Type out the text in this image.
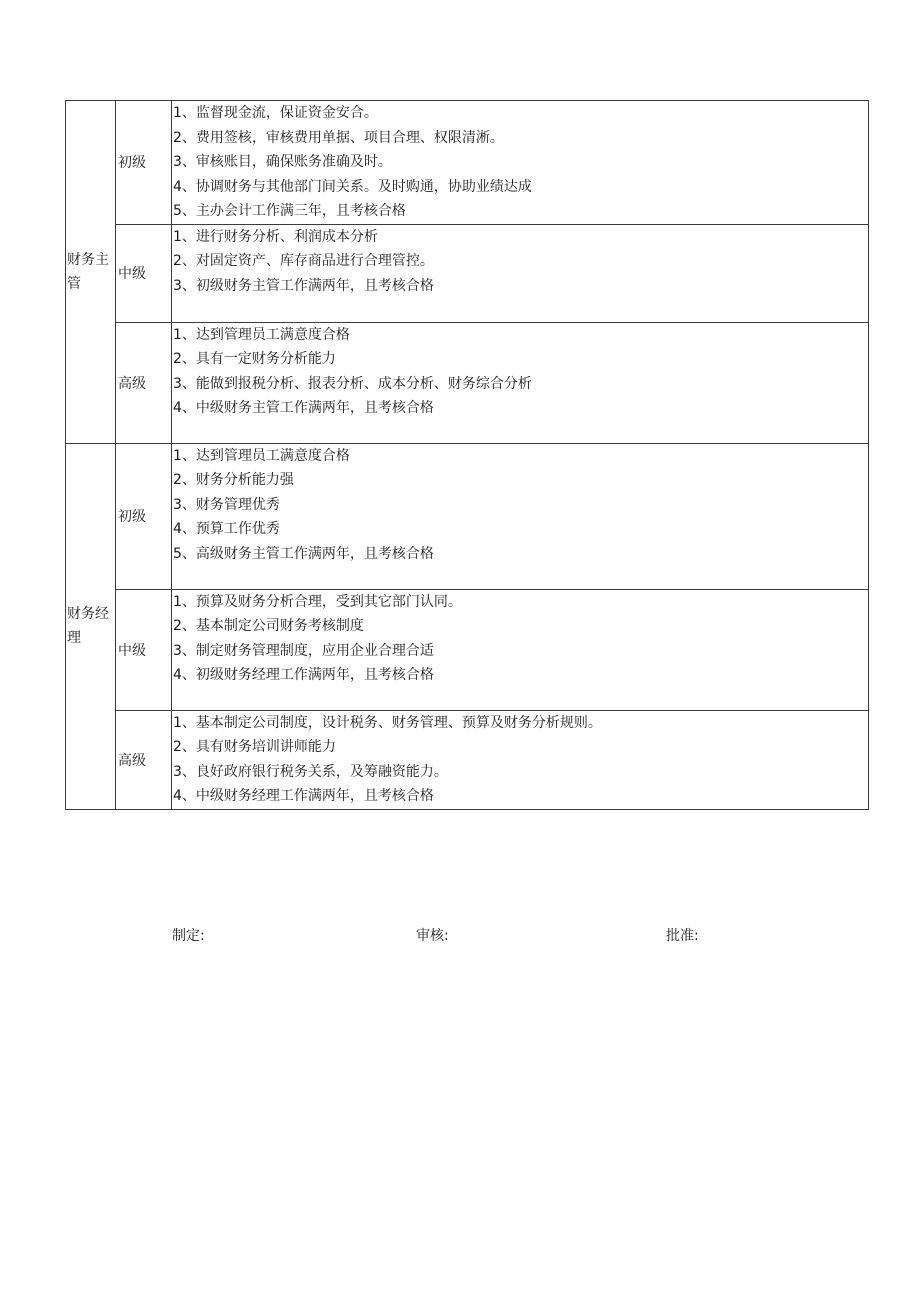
财务主管	初级	1、监督现金流，保证资金安合。
2、费用签核，审核费用单据、项目合理、权限清淅。
3、审核账目，确保账务准确及时。
4、协调财务与其他部门间关系。及时购通，协助业绩达成
5、主办会计工作满三年，且考核合格

	中级	1、进行财务分析、利润成本分析
2、对固定资产、库存商品进行合理管控。
3、初级财务主管工作满两年，且考核合格

	高级	1、达到管理员工满意度合格
2、具有一定财务分析能力
3、能做到报税分析、报表分析、成本分析、财务综合分析
4、中级财务主管工作满两年，且考核合格

财务经理	初级	1、达到管理员工满意度合格
2、财务分析能力强
3、财务管理优秀
4、预算工作优秀
5、高级财务主管工作满两年，且考核合格

	中级	1、预算及财务分析合理，受到其它部门认同。
2、基本制定公司财务考核制度
3、制定财务管理制度，应用企业合理合适
4、初级财务经理工作满两年，且考核合格

	高级	1、基本制定公司制度，设计税务、财务管理、预算及财务分析规则。
2、具有财务培训讲师能力
3、良好政府银行税务关系，及筹融资能力。
4、中级财务经理工作满两年，且考核合格
制定:	审核:	批准:
